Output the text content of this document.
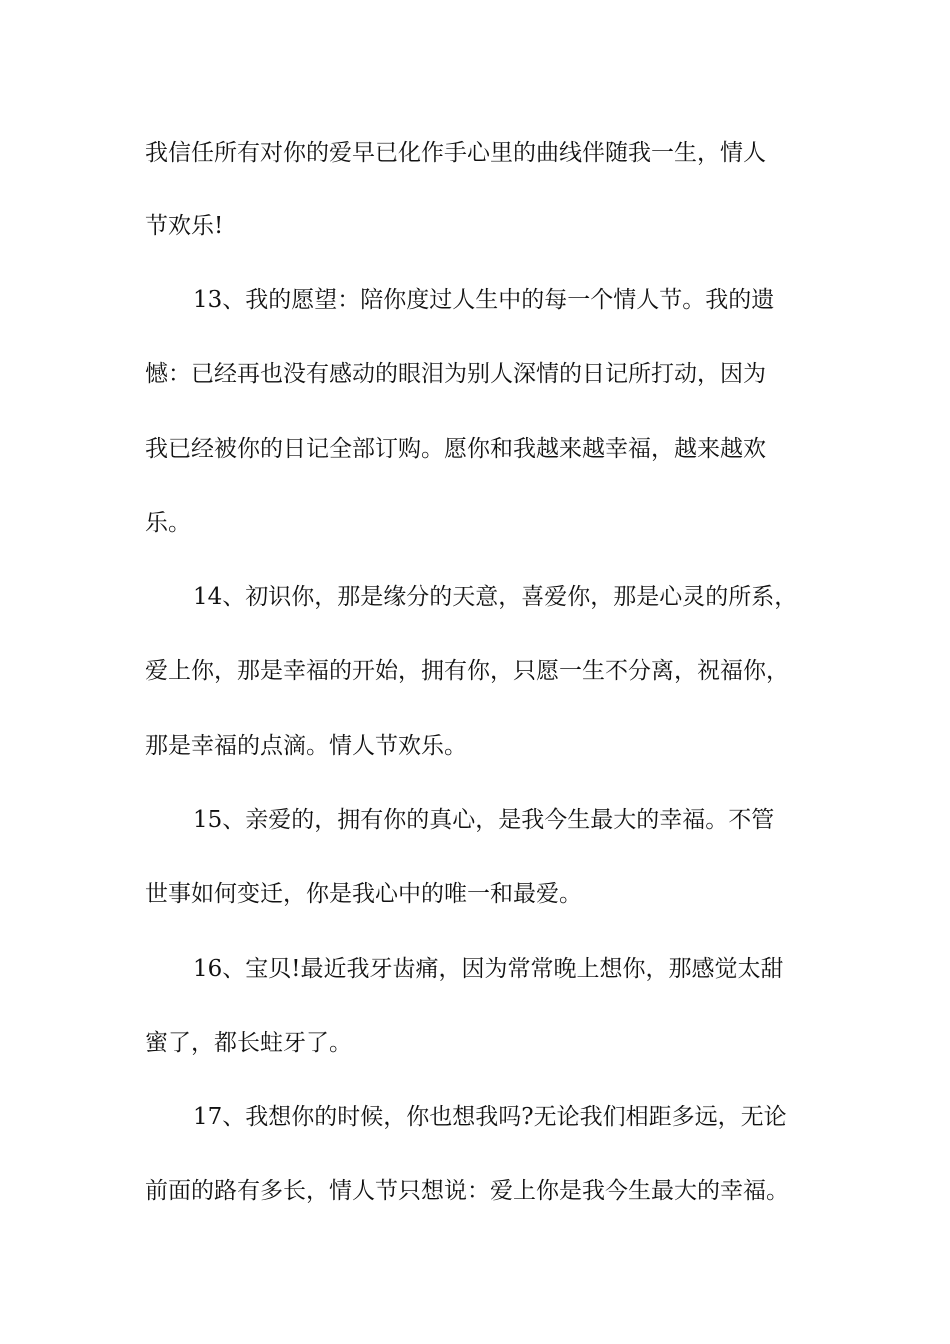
我信任所有对你的爱早已化作手心里的曲线伴随我一生，情人
节欢乐!
13、我的愿望：陪你度过人生中的每一个情人节。我的遗
憾：已经再也没有感动的眼泪为别人深情的日记所打动，因为
我已经被你的日记全部订购。愿你和我越来越幸福，越来越欢
乐。
14、初识你，那是缘分的天意，喜爱你，那是心灵的所系，
爱上你，那是幸福的开始，拥有你，只愿一生不分离，祝福你，
那是幸福的点滴。情人节欢乐。
15、亲爱的，拥有你的真心，是我今生最大的幸福。不管
世事如何变迁，你是我心中的唯一和最爱。
16、宝贝!最近我牙齿痛，因为常常晚上想你，那感觉太甜
蜜了，都长蛀牙了。
17、我想你的时候，你也想我吗?无论我们相距多远，无论
前面的路有多长，情人节只想说：爱上你是我今生最大的幸福。
